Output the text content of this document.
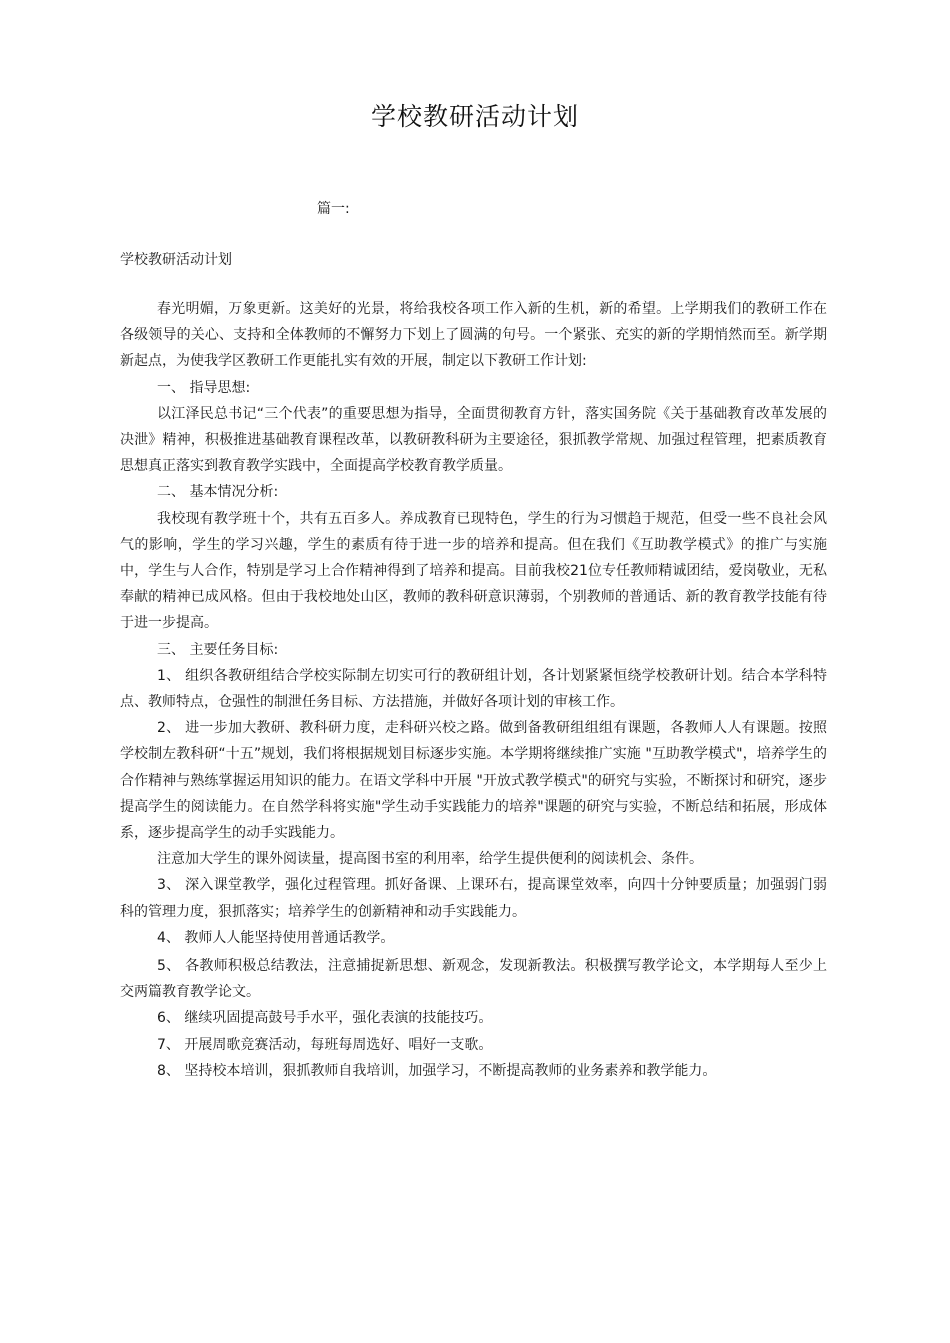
学校教研活动计划
篇一:
学校教研活动计划

春光明媚，万象更新。这美好的光景，将给我校各项工作入新的生机，新的希望。上学期我们的教研工作在各级领导的关心、支持和全体教师的不懈努力下划上了圆满的句号。一个紧张、充实的新的学期悄然而至。新学期新起点，为使我学区教研工作更能扎实有效的开展，制定以下教研工作计划:

一、 指导思想:

以江泽民总书记“三个代表”的重要思想为指导，全面贯彻教育方针，落实国务院《关于基础教育改革发展的决泄》精神，积极推进基础教育课程改革，以教研教科研为主要途径，狠抓教学常规、加强过程管理，把素质教育思想真正落实到教育教学实践中，全面提高学校教育教学质量。

二、 基本情况分析:

我校现有教学班十个，共有五百多人。养成教育已现特色，学生的行为习惯趋于规范，但受一些不良社会风气的影响，学生的学习兴趣，学生的素质有待于进一步的培养和提高。但在我们《互助教学模式》的推广与实施中，学生与人合作，特别是学习上合作精神得到了培养和提高。目前我校21位专任教师精诚团结，爱岗敬业，无私奉献的精神已成风格。但由于我校地处山区，教师的教科研意识薄弱，个别教师的普通话、新的教育教学技能有待于进一步提高。

三、 主要任务目标:

1、 组织各教研组结合学校实际制左切实可行的教研组计划，各计划紧紧恒绕学校教研计划。结合本学科特点、教师特点，仓强性的制泄任务目标、方法措施，并做好各项计划的审核工作。

2、 进一步加大教研、教科研力度，走科研兴校之路。做到备教研组组组有课题，各教师人人有课题。按照学校制左教科研“十五”规划，我们将根据规划目标逐步实施。本学期将继续推广实施 "互助教学模式"，培养学生的合作精神与熟练掌握运用知识的能力。在语文学科中开展 "开放式教学模式"的研究与实验，不断探讨和研究，逐步提高学生的阅读能力。在自然学科将实施"学生动手实践能力的培养"课题的研究与实验，不断总结和拓展，形成体系，逐步提高学生的动手实践能力。

注意加大学生的课外阅读量，提高图书室的利用率，给学生提供便利的阅读机会、条件。

3、 深入课堂教学，强化过程管理。抓好备课、上课环右，提高课堂效率，向四十分钟要质量；加强弱门弱科的管理力度，狠抓落实；培养学生的创新精神和动手实践能力。

4、 教师人人能坚持使用普通话教学。

5、 各教师积极总结教法，注意捕捉新思想、新观念，发现新教法。积极撰写教学论文，本学期每人至少上交两篇教育教学论文。

6、 继续巩固提高鼓号手水平，强化表演的技能技巧。

7、 开展周歌竞赛活动，每班每周选好、唱好一支歌。

8、 坚持校本培训，狠抓教师自我培训，加强学习，不断提高教师的业务素养和教学能力。
